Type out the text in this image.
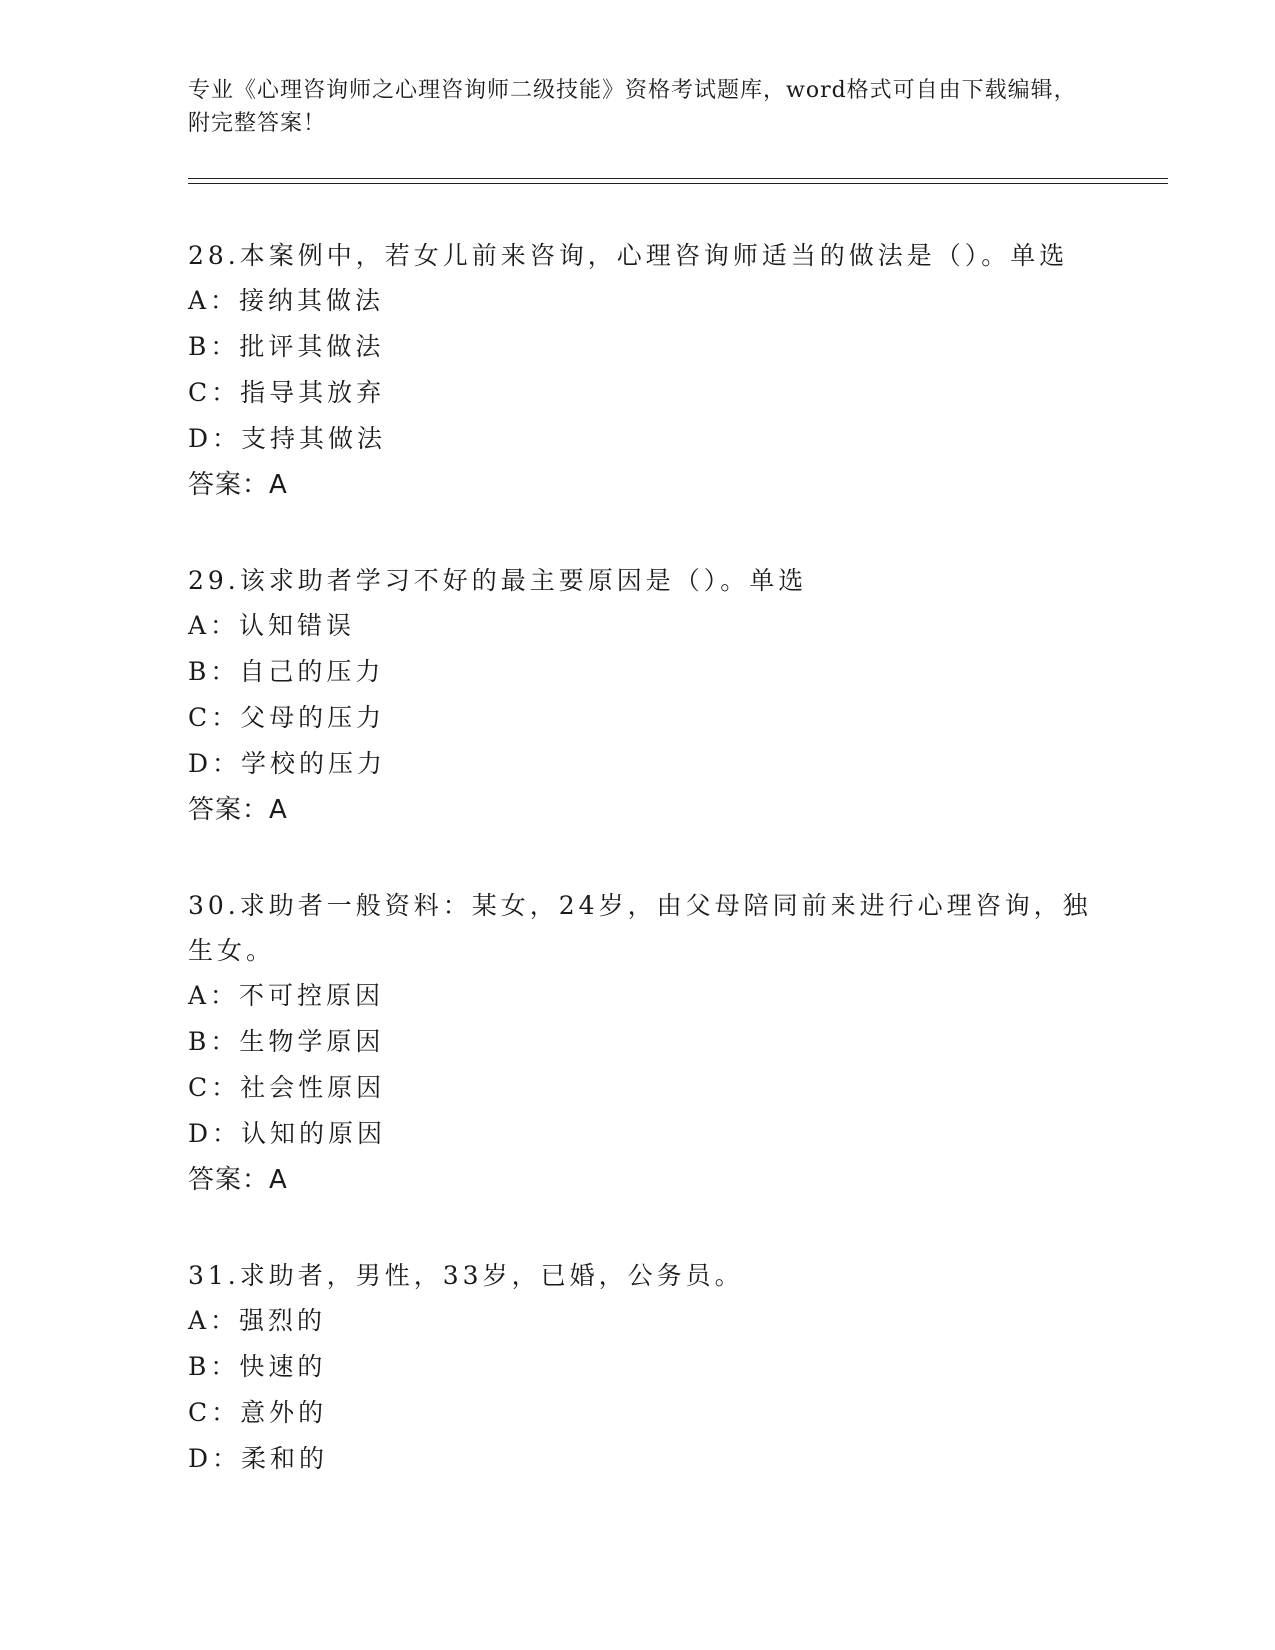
专业《心理咨询师之心理咨询师二级技能》资格考试题库，word格式可自由下载编辑，附完整答案！
28.本案例中，若女儿前来咨询，心理咨询师适当的做法是（）。单选
A：接纳其做法
B：批评其做法
C：指导其放弃
D：支持其做法
答案：A
29.该求助者学习不好的最主要原因是（）。单选
A：认知错误
B：自己的压力
C：父母的压力
D：学校的压力
答案：A
30.求助者一般资料：某女，24岁，由父母陪同前来进行心理咨询，独生女。
A：不可控原因
B：生物学原因
C：社会性原因
D：认知的原因
答案：A
31.求助者，男性，33岁，已婚，公务员。
A：强烈的
B：快速的
C：意外的
D：柔和的
